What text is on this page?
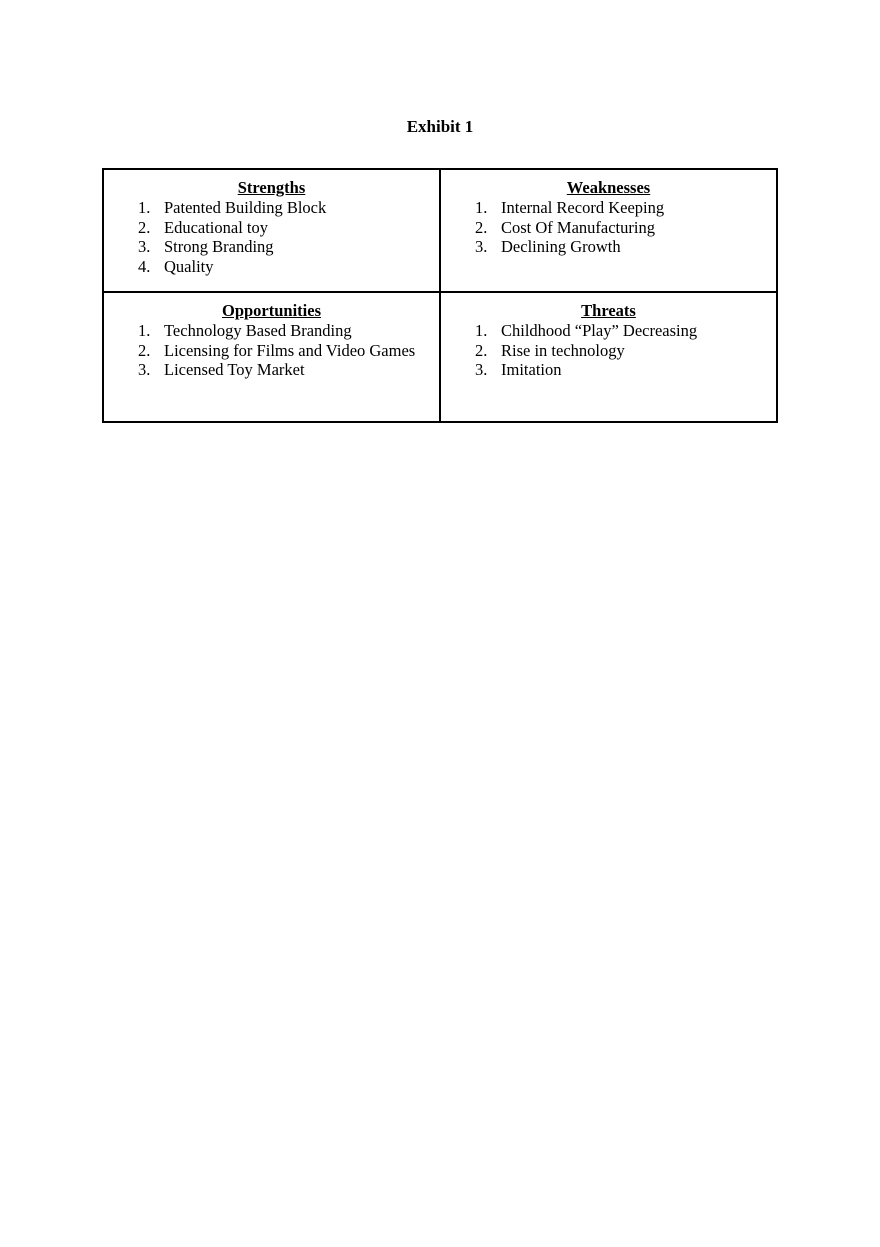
Exhibit 1
Strengths
1. Patented Building Block
2. Educational toy
3. Strong Branding
4. Quality
Weaknesses
1. Internal Record Keeping
2. Cost Of Manufacturing
3. Declining Growth
Opportunities
1. Technology Based Branding
2. Licensing for Films and Video Games
3. Licensed Toy Market
Threats
1. Childhood “Play” Decreasing
2. Rise in technology
3. Imitation
